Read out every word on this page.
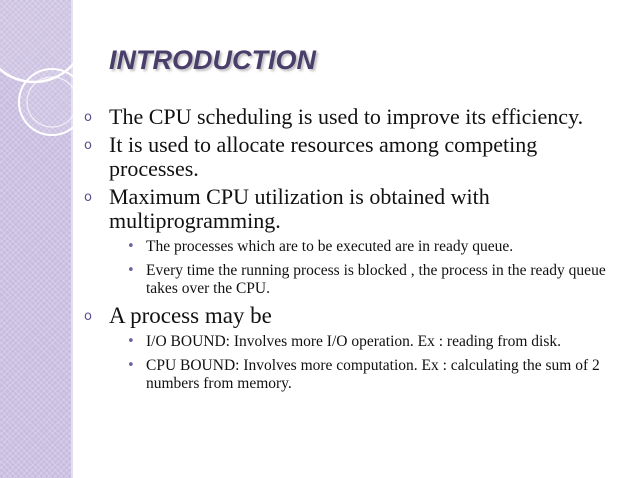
INTRODUCTION
o The CPU scheduling is used to improve its efficiency.
o It is used to allocate resources among competing processes.
o Maximum CPU utilization is obtained with multiprogramming.
• The processes which are to be executed are in ready queue.
• Every time the running process is blocked , the process in the ready queue takes over the CPU.
o A process may be
• I/O BOUND: Involves more I/O operation. Ex : reading from disk.
• CPU BOUND: Involves more computation. Ex : calculating the sum of 2 numbers from memory.
